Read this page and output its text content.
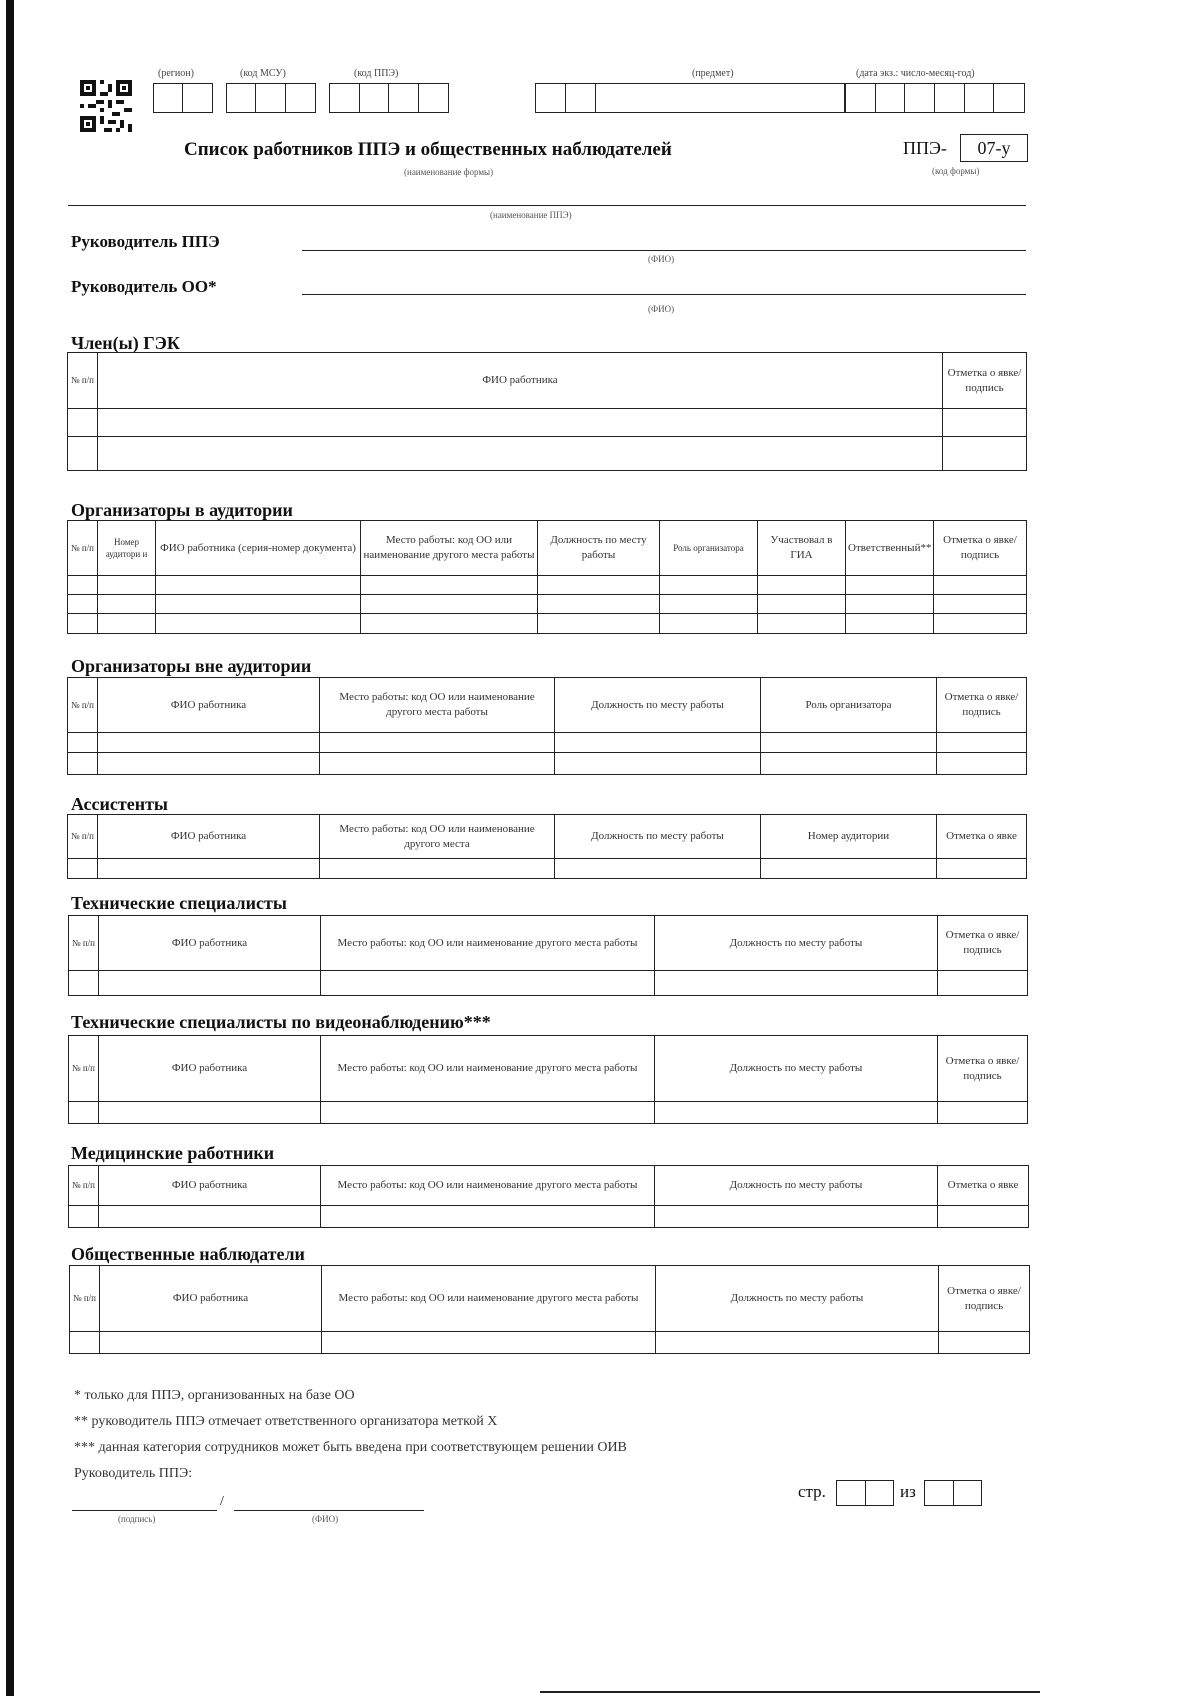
(регион)	(код МСУ)	(код ППЭ)	(предмет)	(дата экз.: число-месяц-год)
Список работников ППЭ и общественных наблюдателей
(наименование формы)
ППЭ- 07-у
(код формы)
(наименование ППЭ)
Руководитель ППЭ
(ФИО)
Руководитель ОО*
(ФИО)
Член(ы) ГЭК
№ п/п	ФИО работника	Отметка о явке/ подпись

Организаторы в аудитории
№ п/п	Номер аудитори и	ФИО работника (серия-номер документа)	Место работы: код ОО или наименование другого места работы	Должность по месту работы	Роль организатора	Участвовал в ГИА	Ответственный**	Отметка о явке/ подпись

Организаторы вне аудитории
№ п/п	ФИО работника	Место работы: код ОО или наименование другого места работы	Должность по месту работы	Роль организатора	Отметка о явке/ подпись

Ассистенты
№ п/п	ФИО работника	Место работы: код ОО или наименование другого места	Должность по месту работы	Номер аудитории	Отметка о явке

Технические специалисты
№ п/п	ФИО работника	Место работы: код ОО или наименование другого места работы	Должность по месту работы	Отметка о явке/ подпись

Технические специалисты по видеонаблюдению***
№ п/п	ФИО работника	Место работы: код ОО или наименование другого места работы	Должность по месту работы	Отметка о явке/ подпись

Медицинские работники
№ п/п	ФИО работника	Место работы: код ОО или наименование другого места работы	Должность по месту работы	Отметка о явке

Общественные наблюдатели
№ п/п	ФИО работника	Место работы: код ОО или наименование другого места работы	Должность по месту работы	Отметка о явке/ подпись

* только для ППЭ, организованных на базе ОО
** руководитель ППЭ отмечает ответственного организатора меткой Х
*** данная категория сотрудников может быть введена при соответствующем решении ОИВ
Руководитель ППЭ:
/
(подпись)	(ФИО)
стр.	из
